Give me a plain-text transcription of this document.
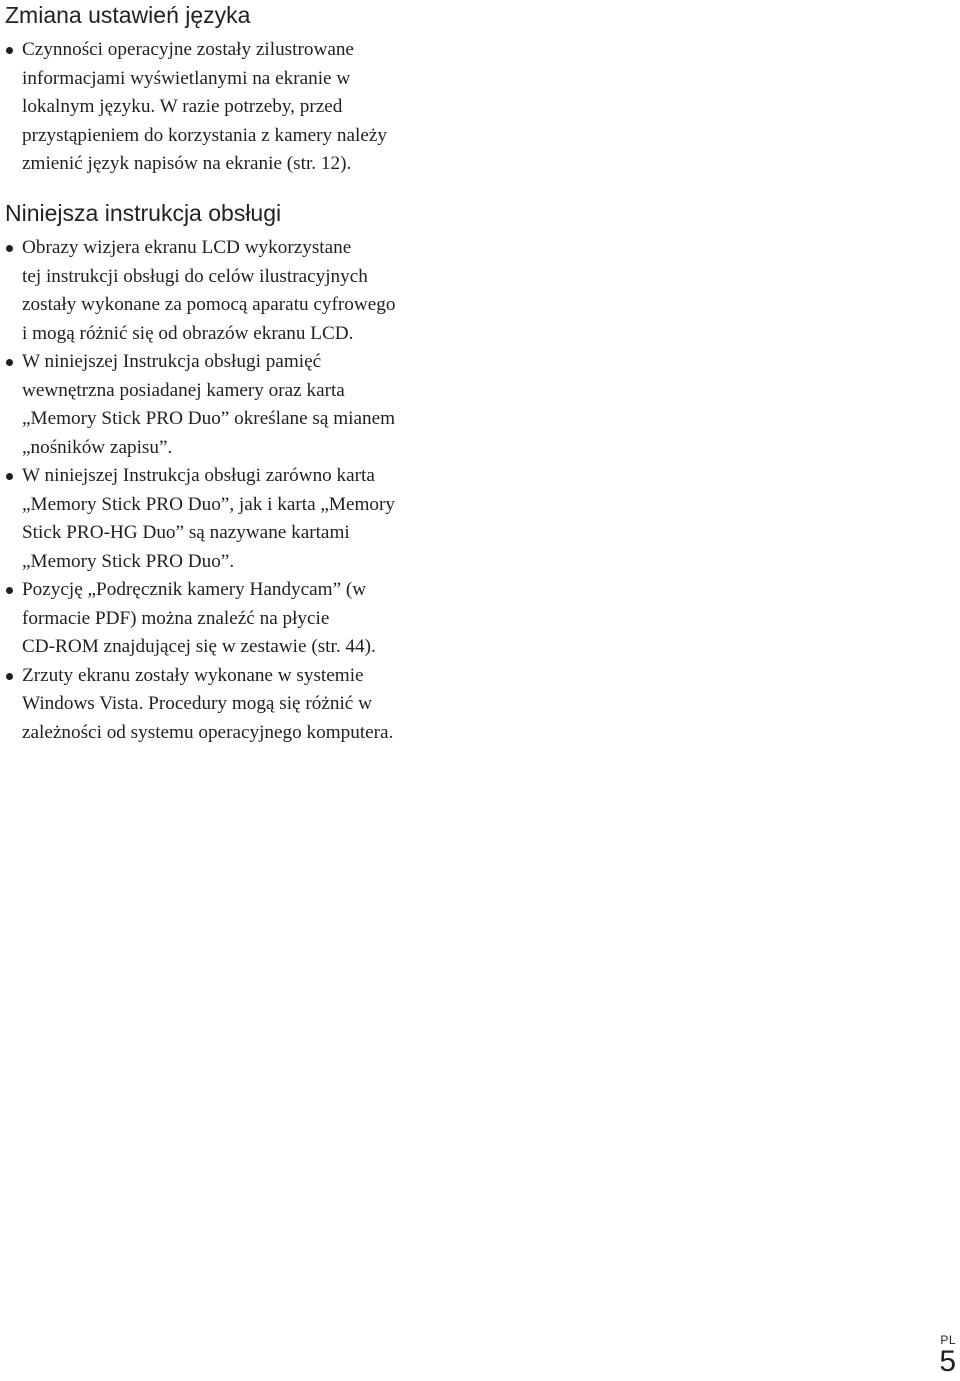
Zmiana ustawień języka
Czynności operacyjne zostały zilustrowane
informacjami wyświetlanymi na ekranie w
lokalnym języku. W razie potrzeby, przed
przystąpieniem do korzystania z kamery należy
zmienić język napisów na ekranie (str. 12).
Niniejsza instrukcja obsługi
Obrazy wizjera ekranu LCD wykorzystane
tej instrukcji obsługi do celów ilustracyjnych
zostały wykonane za pomocą aparatu cyfrowego
i mogą różnić się od obrazów ekranu LCD.
W niniejszej Instrukcja obsługi pamięć
wewnętrzna posiadanej kamery oraz karta
„Memory Stick PRO Duo” określane są mianem
„nośników zapisu”.
W niniejszej Instrukcja obsługi zarówno karta
„Memory Stick PRO Duo”, jak i karta „Memory
Stick PRO-HG Duo” są nazywane kartami
„Memory Stick PRO Duo”.
Pozycję „Podręcznik kamery Handycam” (w
formacie PDF) można znaleźć na płycie
CD-ROM znajdującej się w zestawie (str. 44).
Zrzuty ekranu zostały wykonane w systemie
Windows Vista. Procedury mogą się różnić w
zależności od systemu operacyjnego komputera.
PL
5
